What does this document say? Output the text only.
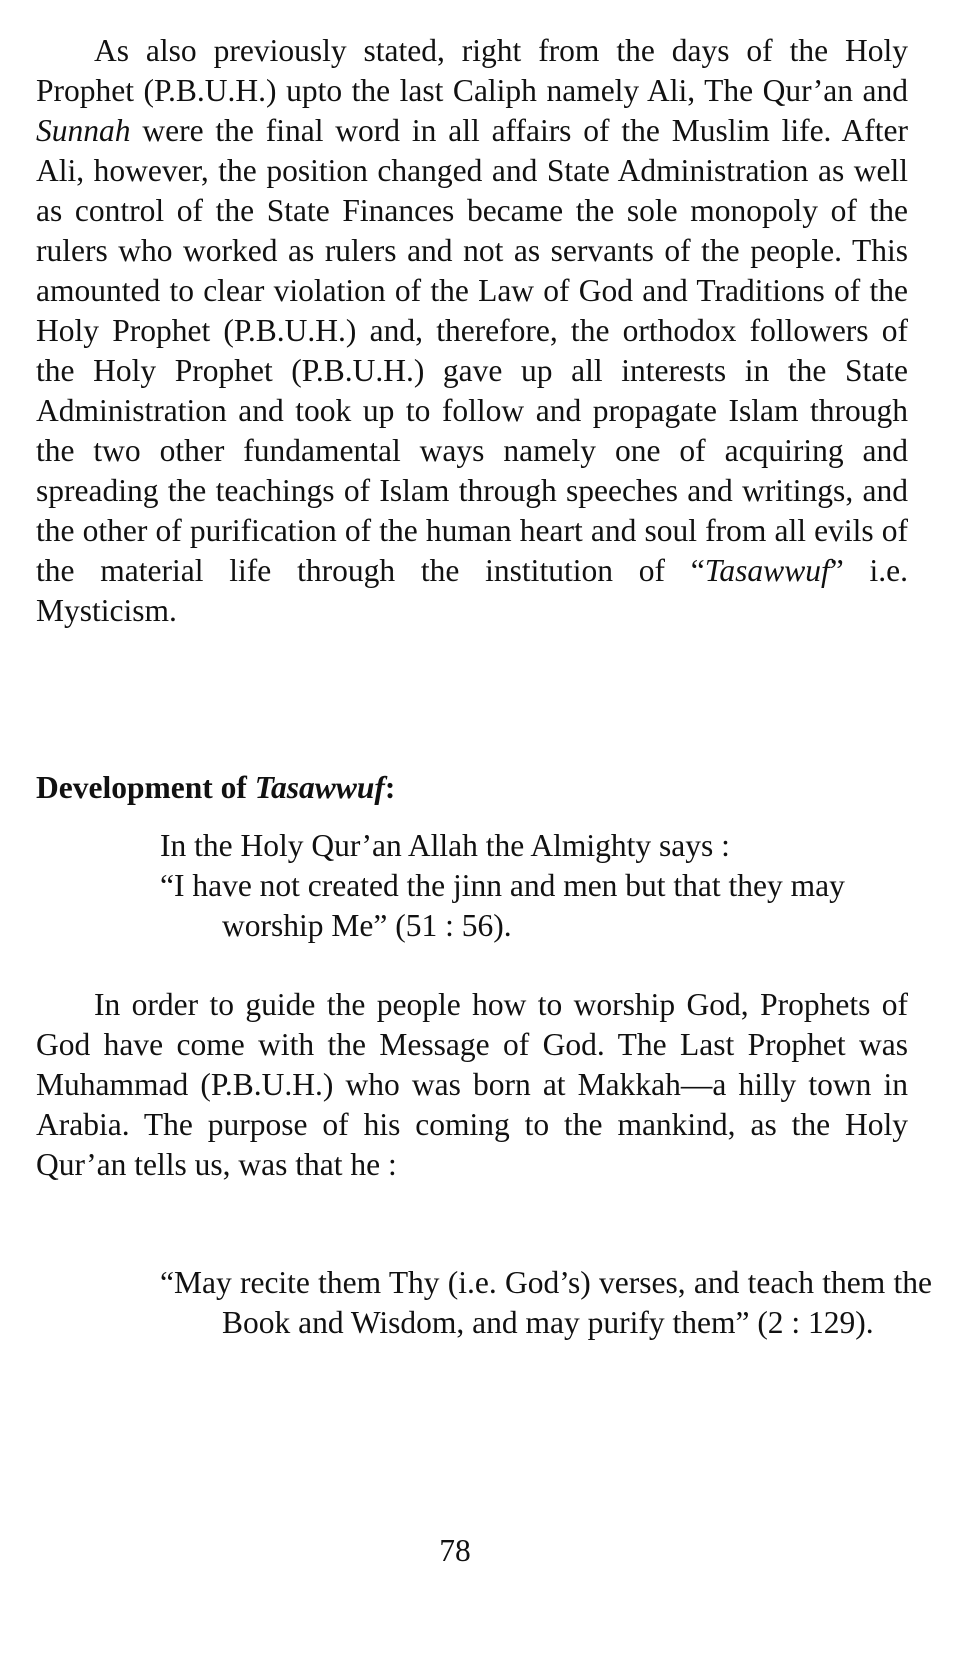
As also previously stated, right from the days of the Holy Prophet (P.B.U.H.) upto the last Caliph namely Ali, The Qur’an and Sunnah were the final word in all affairs of the Muslim life. After Ali, however, the position changed and State Administration as well as control of the State Finances became the sole monopoly of the rulers who worked as rulers and not as servants of the people. This amounted to clear violation of the Law of God and Traditions of the Holy Prophet (P.B.U.H.) and, therefore, the orthodox followers of the Holy Prophet (P.B.U.H.) gave up all interests in the State Administration and took up to follow and propagate Islam through the two other fundamental ways namely one of acquiring and spreading the teachings of Islam through speeches and writings, and the other of purification of the human heart and soul from all evils of the material life through the institution of “Tasawwuf” i.e. Mysticism.

Development of Tasawwuf:

In the Holy Qur’an Allah the Almighty says :

“I have not created the jinn and men but that they may worship Me” (51 : 56).

In order to guide the people how to worship God, Prophets of God have come with the Message of God. The Last Prophet was Muhammad (P.B.U.H.) who was born at Makkah—a hilly town in Arabia. The purpose of his coming to the mankind, as the Holy Qur’an tells us, was that he :

“May recite them Thy (i.e. God’s) verses, and teach them the Book and Wisdom, and may purify them” (2 : 129).

78
